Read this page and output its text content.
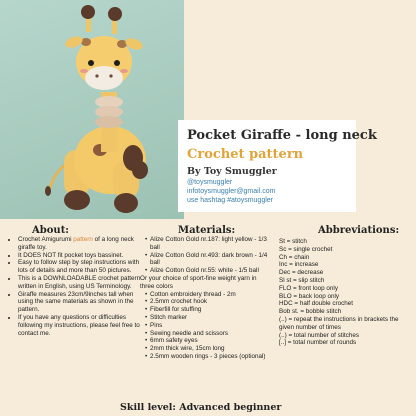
Pocket Giraffe - long neck
Crochet pattern
By Toy Smuggler
@toysmuggler
infotoysmuggler@gmail.com
use hashtag #atoysmuggler
About:	Materials:	Abbreviations:
• Crochet Amigurumi pattern of a long neck giraffe toy.
• It DOES NOT fit pocket toys bassinet.
• Easy to follow step by step instructions with lots of details and more than 50 pictures.
• This is a DOWNLOADABLE crochet pattern written in English, using US Terminology.
• Giraffe measures 23cm/9inches tall when using the same materials as shown in the pattern.
• If you have any questions or difficulties following my instructions, please feel free to contact me.
• Alize Cotton Gold nr.187: light yellow - 1/3 ball
• Alize Cotton Gold nr.493: dark brown - 1/4 ball
• Alize Cotton Gold nr.55: white - 1/5 ball
Or your choice of sport-fine weight yarn in three colors
• Cotton embroidery thread - 2m
• 2.5mm crochet hook
• Fiberfill for stuffing
• Stitch marker
• Pins
• Sewing needle and scissors
• 6mm safety eyes
• 2mm thick wire, 15cm long
• 2.5mm wooden rings - 3 pieces (optional)
St = stitch
Sc = single crochet
Ch = chain
Inc = increase
Dec = decrease
Sl st = slip stitch
FLO = front loop only
BLO = back loop only
HDC = half double crochet
Bob st. = bobble stitch
(..) = repeat the instructions in brackets the given number of times
(..) = total number of stitches
[..] = total number of rounds
Skill level: Advanced beginner
